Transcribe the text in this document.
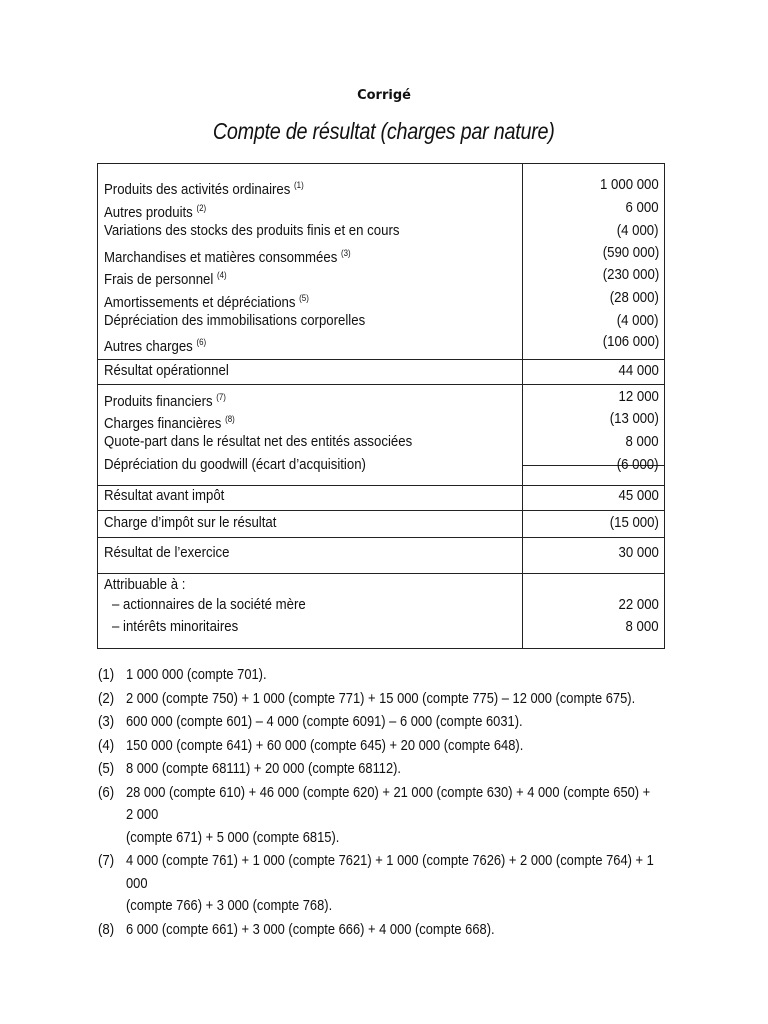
Corrigé
Compte de résultat (charges par nature)
Produits des activités ordinaires $^{(1)}$	1 000 000
Autres produits $^{(2)}$	6 000
Variations des stocks des produits finis et en cours	(4 000)
Marchandises et matières consommées $^{(3)}$	(590 000)
Frais de personnel $^{(4)}$	(230 000)
Amortissements et dépréciations $^{(5)}$	(28 000)
Dépréciation des immobilisations corporelles	(4 000)
Autres charges $^{(6)}$	(106 000)
Résultat opérationnel	44 000
Produits financiers $^{(7)}$	12 000
Charges financières $^{(8)}$	(13 000)
Quote-part dans le résultat net des entités associées	8 000
Dépréciation du goodwill (écart d’acquisition)	(6 000)
Résultat avant impôt	45 000
Charge d’impôt sur le résultat	(15 000)
Résultat de l’exercice	30 000
Attribuable à :
– actionnaires de la société mère	22 000
– intérêts minoritaires	8 000
(1) 1 000 000 (compte 701).
(2) 2 000 (compte 750) + 1 000 (compte 771) + 15 000 (compte 775) – 12 000 (compte 675).
(3) 600 000 (compte 601) – 4 000 (compte 6091) – 6 000 (compte 6031).
(4) 150 000 (compte 641) + 60 000 (compte 645) + 20 000 (compte 648).
(5) 8 000 (compte 68111) + 20 000 (compte 68112).
(6) 28 000 (compte 610) + 46 000 (compte 620) + 21 000 (compte 630) + 4 000 (compte 650) + 2 000
(compte 671) + 5 000 (compte 6815).
(7) 4 000 (compte 761) + 1 000 (compte 7621) + 1 000 (compte 7626) + 2 000 (compte 764) + 1 000
(compte 766) + 3 000 (compte 768).
(8) 6 000 (compte 661) + 3 000 (compte 666) + 4 000 (compte 668).
